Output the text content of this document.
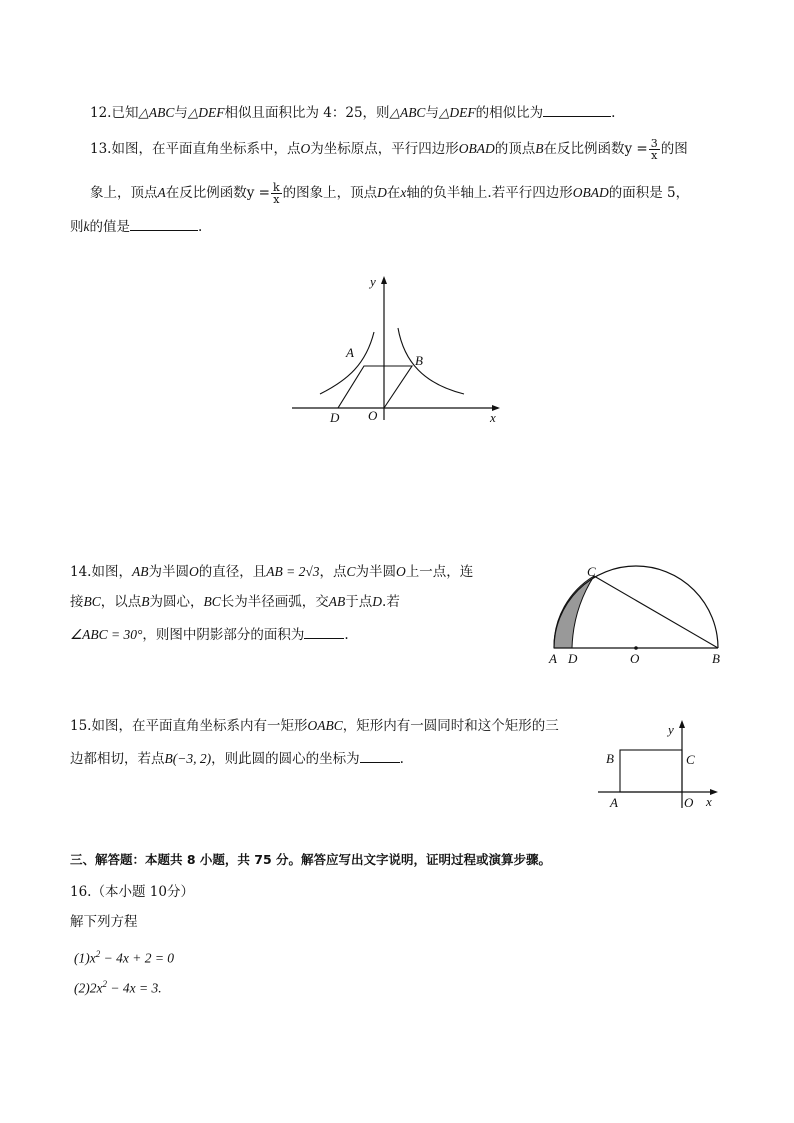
12.已知△ABC与△DEF相似且面积比为 4：25，则△ABC与△DEF的相似比为	.
13.如图，在平面直角坐标系中，点O为坐标原点，平行四边形OBAD的顶点B在反比例函数$y = \frac{3}{x}$ 的图
象上，顶点A在反比例函数$y = \frac{k}{x}$ 的图象上，顶点D在x轴的负半轴上.若平行四边形OBAD的面积是 5，
则k的值是	.
y
x
A
B
D O
14.如图，AB为半圆O的直径，且AB = 2√3，点C为半圆O上一点，连
接BC，以点B为圆心，BC长为半径画弧，交AB于点D.若
∠ABC = 30°，则图中阴影部分的面积为	.
C
A D	O	B
15.如图，在平面直角坐标系内有一矩形OABC，矩形内有一圆同时和这个矩形的三
边都相切，若点B(−3, 2)，则此圆的圆心的坐标为	.
y
x
B	C
A	O
三、解答题：本题共 8 小题，共 75 分。解答应写出文字说明，证明过程或演算步骤。
16.（本小题 10分）
解下列方程
$(1)x^2 - 4x + 2 = 0$
$(2)2x^2 - 4x = 3$.
